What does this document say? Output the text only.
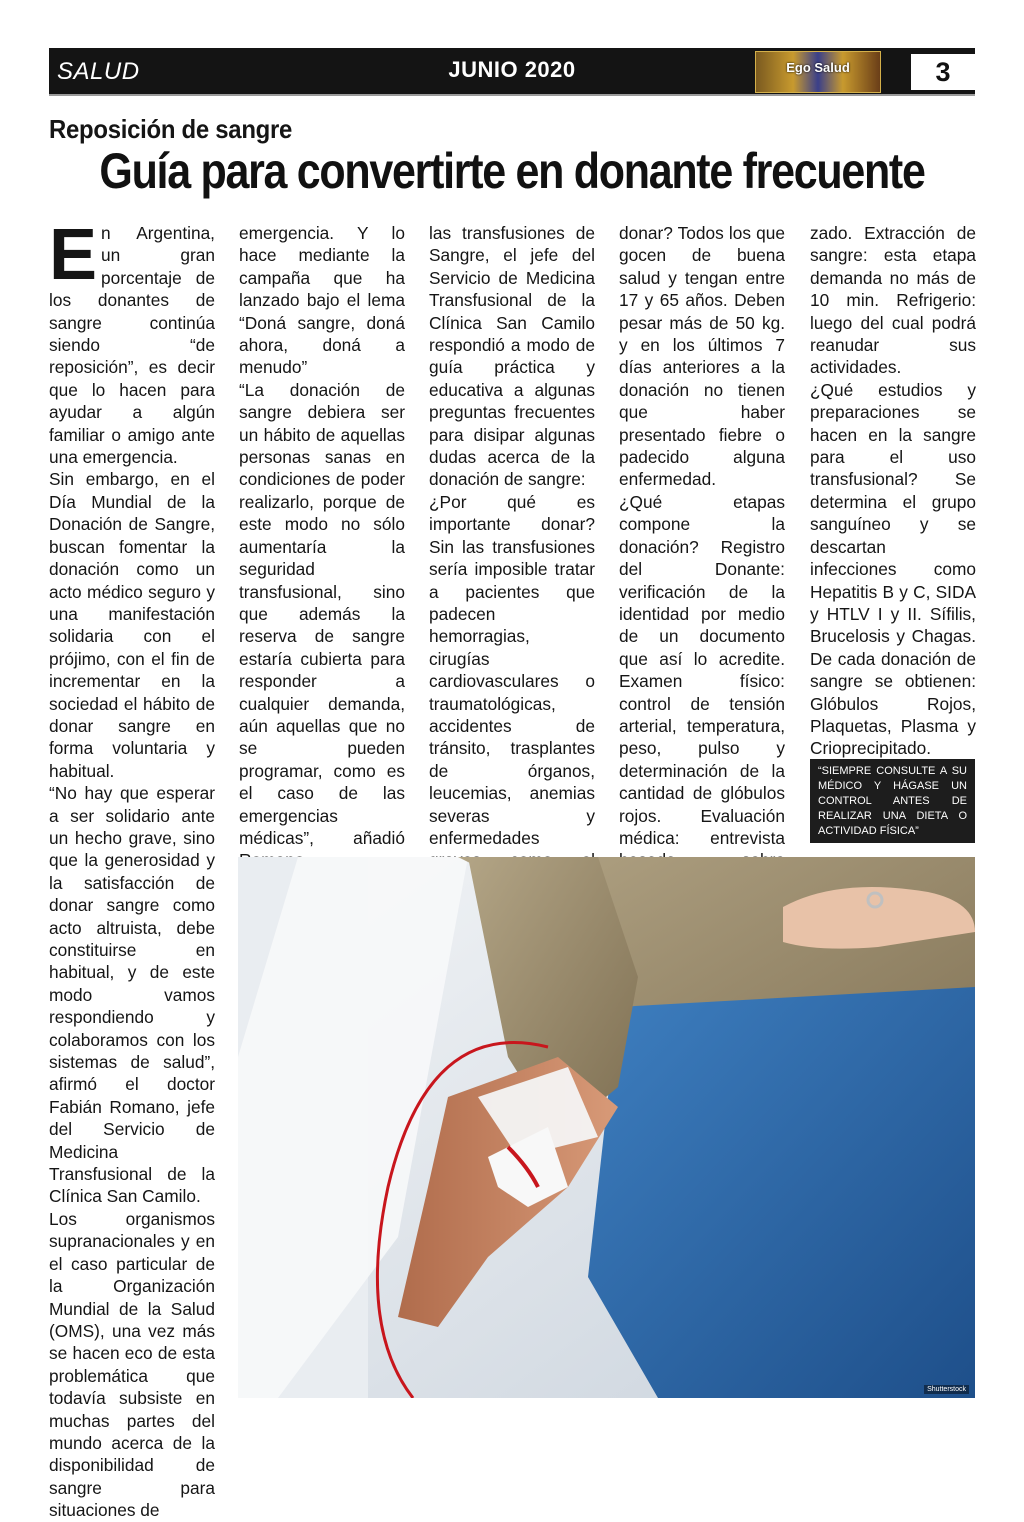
SALUD	JUNIO 2020	Ego Salud	3
Reposición de sangre
Guía para convertirte en donante frecuente
E n Argentina, un gran porcentaje de los donantes de sangre continúa siendo “de reposición”, es decir que lo hacen para ayudar a algún familiar o amigo ante una emergencia.

Sin embargo, en el Día Mundial de la Donación de Sangre, buscan fomentar la donación como un acto médico seguro y una manifestación solidaria con el prójimo, con el fin de incrementar en la sociedad el hábito de donar sangre en forma voluntaria y habitual.

“No hay que esperar a ser solidario ante un hecho grave, sino que la generosidad y la satisfacción de donar sangre como acto altruista, debe constituirse en habitual, y de este modo vamos respondiendo y colaboramos con los sistemas de salud”, afirmó el doctor Fabián Romano, jefe del Servicio de Medicina Transfusional de la Clínica San Camilo.

Los organismos supranacionales y en el caso particular de la Organización Mundial de la Salud (OMS), una vez más se hacen eco de esta problemática que todavía subsiste en muchas partes del mundo acerca de la disponibilidad de sangre para situaciones de

emergencia. Y lo hace mediante la campaña que ha lanzado bajo el lema “Doná sangre, doná ahora, doná a menudo”

“La donación de sangre debiera ser un hábito de aquellas personas sanas en condiciones de poder realizarlo, porque de este modo no sólo aumentaría la seguridad transfusional, sino que además la reserva de sangre estaría cubierta para responder a cualquier demanda, aún aquellas que no se pueden programar, como es el caso de las emergencias médicas”, añadió

las transfusiones de Sangre, el jefe del Servicio de Medicina Transfusional de la Clínica San Camilo respondió a modo de guía práctica y educativa a algunas preguntas frecuentes para disipar algunas dudas acerca de la donación de sangre:

¿Por qué es importante donar? Sin las transfusiones sería imposible tratar a pacientes que padecen hemorragias, cirugías cardiovasculares o traumatológicas, accidentes de tránsito, trasplantes de órganos, leucemias, anemias severas y enfermedades

donar? Todos los que gocen de buena salud y tengan entre 17 y 65 años. Deben pesar más de 50 kg. y en los últimos 7 días anteriores a la donación no tienen que haber presentado fiebre o padecido alguna enfermedad.

¿Qué etapas compone la donación? Registro del Donante: verificación de la identidad por medio de un documento que así lo acredite. Examen físico: control de tensión arterial, temperatura, peso, pulso y determinación de la cantidad de glóbulos rojos. Evaluación médica: entrevista

zado. Extracción de sangre: esta etapa demanda no más de 10 min. Refrigerio: luego del cual podrá reanudar sus actividades.

¿Qué estudios y preparaciones se hacen en la sangre para el uso transfusional? Se determina el grupo sanguíneo y se descartan infecciones como Hepatitis B y C, SIDA y HTLV I y II. Sífilis, Brucelosis y Chagas. De cada donación de sangre se obtienen: Glóbulos Rojos, Plaquetas, Plasma y Crioprecipitado.

“SIEMPRE CONSULTE A SU MÉDICO Y HÁGASE UN CONTROL ANTES DE REALIZAR UNA DIETA O ACTIVIDAD FÍSICA”
Shutterstock
